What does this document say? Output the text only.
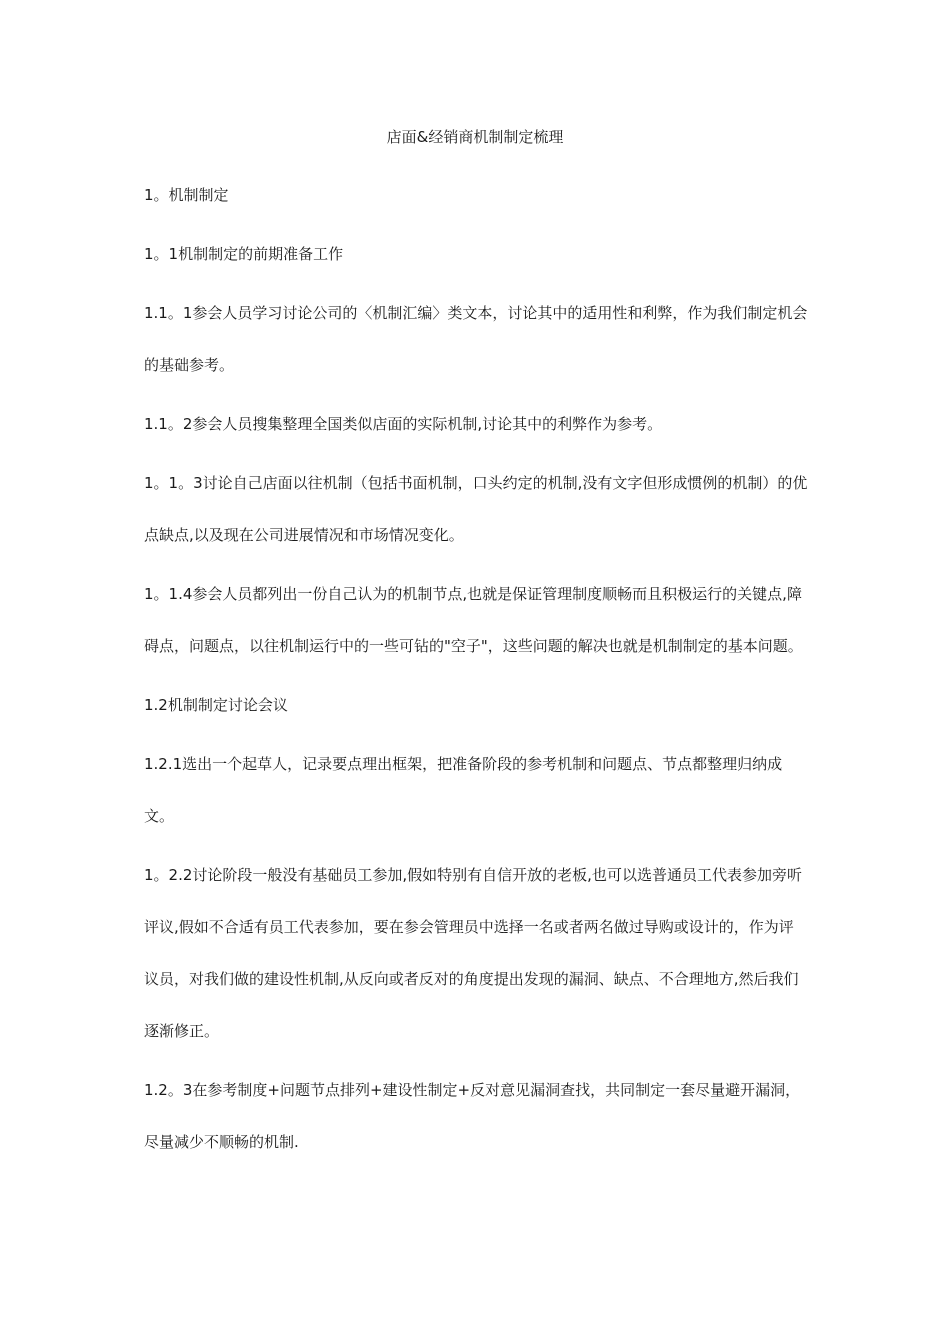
店面&经销商机制制定梳理

1。机制制定

1。1机制制定的前期准备工作

1.1。1参会人员学习讨论公司的〈机制汇编〉类文本，讨论其中的适用性和利弊，作为我们制定机会的基础参考。

1.1。2参会人员搜集整理全国类似店面的实际机制,讨论其中的利弊作为参考。

1。1。3讨论自己店面以往机制（包括书面机制，口头约定的机制,没有文字但形成惯例的机制）的优点缺点,以及现在公司进展情况和市场情况变化。

1。1.4参会人员都列出一份自己认为的机制节点,也就是保证管理制度顺畅而且积极运行的关键点,障碍点，问题点，以往机制运行中的一些可钻的"空子"，这些问题的解决也就是机制制定的基本问题。

1.2机制制定讨论会议

1.2.1选出一个起草人，记录要点理出框架，把准备阶段的参考机制和问题点、节点都整理归纳成文。

1。2.2讨论阶段一般没有基础员工参加,假如特别有自信开放的老板,也可以选普通员工代表参加旁听评议,假如不合适有员工代表参加，要在参会管理员中选择一名或者两名做过导购或设计的，作为评议员，对我们做的建设性机制,从反向或者反对的角度提出发现的漏洞、缺点、不合理地方,然后我们逐渐修正。

1.2。3在参考制度+问题节点排列+建设性制定+反对意见漏洞查找，共同制定一套尽量避开漏洞，尽量减少不顺畅的机制.
